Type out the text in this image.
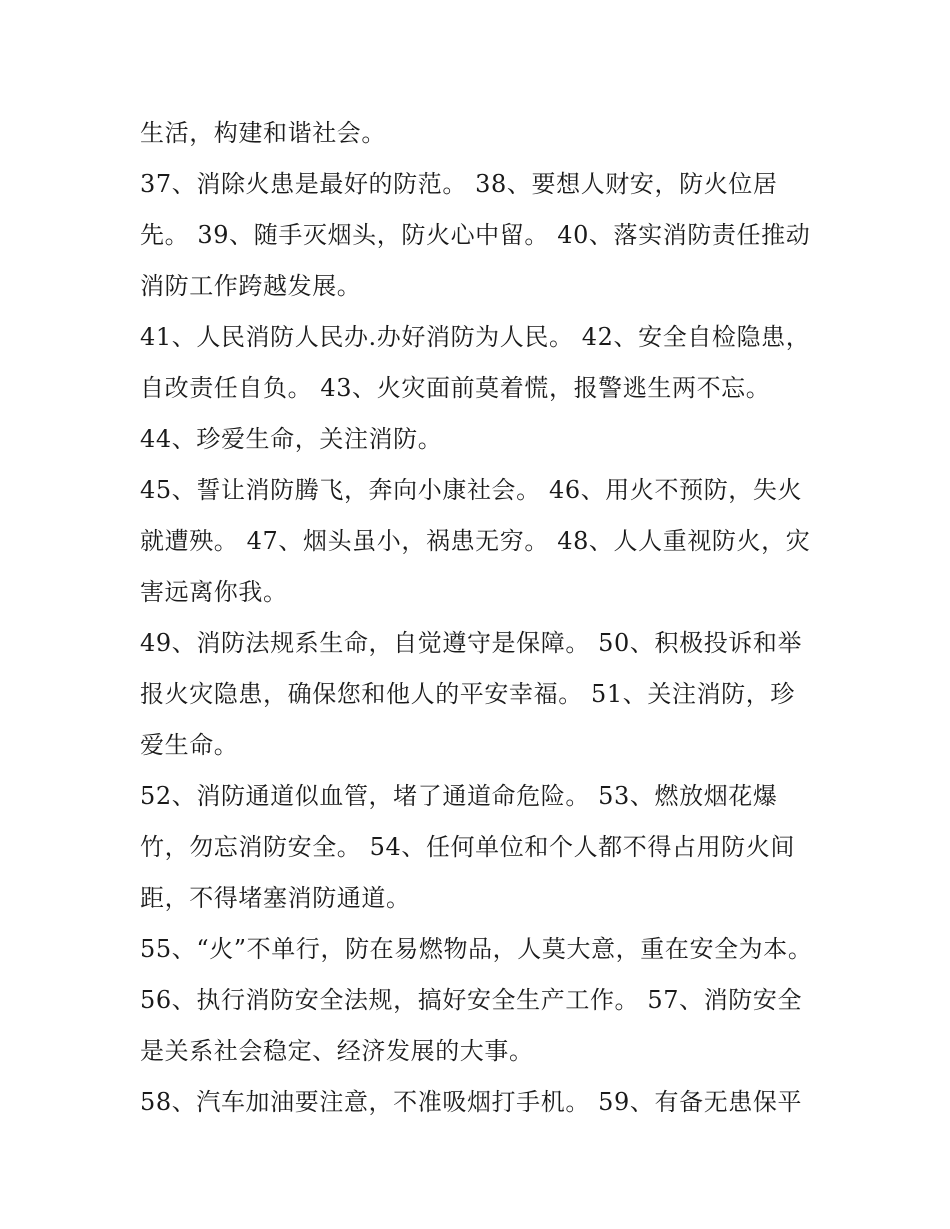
生活，构建和谐社会。
37、消除火患是最好的防范。 38、要想人财安，防火位居
先。 39、随手灭烟头，防火心中留。 40、落实消防责任推动
消防工作跨越发展。
41、人民消防人民办.办好消防为人民。 42、安全自检隐患，
自改责任自负。 43、火灾面前莫着慌，报警逃生两不忘。
44、珍爱生命，关注消防。
45、誓让消防腾飞，奔向小康社会。 46、用火不预防，失火
就遭殃。 47、烟头虽小，祸患无穷。 48、人人重视防火，灾
害远离你我。
49、消防法规系生命，自觉遵守是保障。 50、积极投诉和举
报火灾隐患，确保您和他人的平安幸福。 51、关注消防，珍
爱生命。
52、消防通道似血管，堵了通道命危险。 53、燃放烟花爆
竹，勿忘消防安全。 54、任何单位和个人都不得占用防火间
距，不得堵塞消防通道。
55、“火”不单行，防在易燃物品，人莫大意，重在安全为本。
56、执行消防安全法规，搞好安全生产工作。 57、消防安全
是关系社会稳定、经济发展的大事。
58、汽车加油要注意，不准吸烟打手机。 59、有备无患保平
